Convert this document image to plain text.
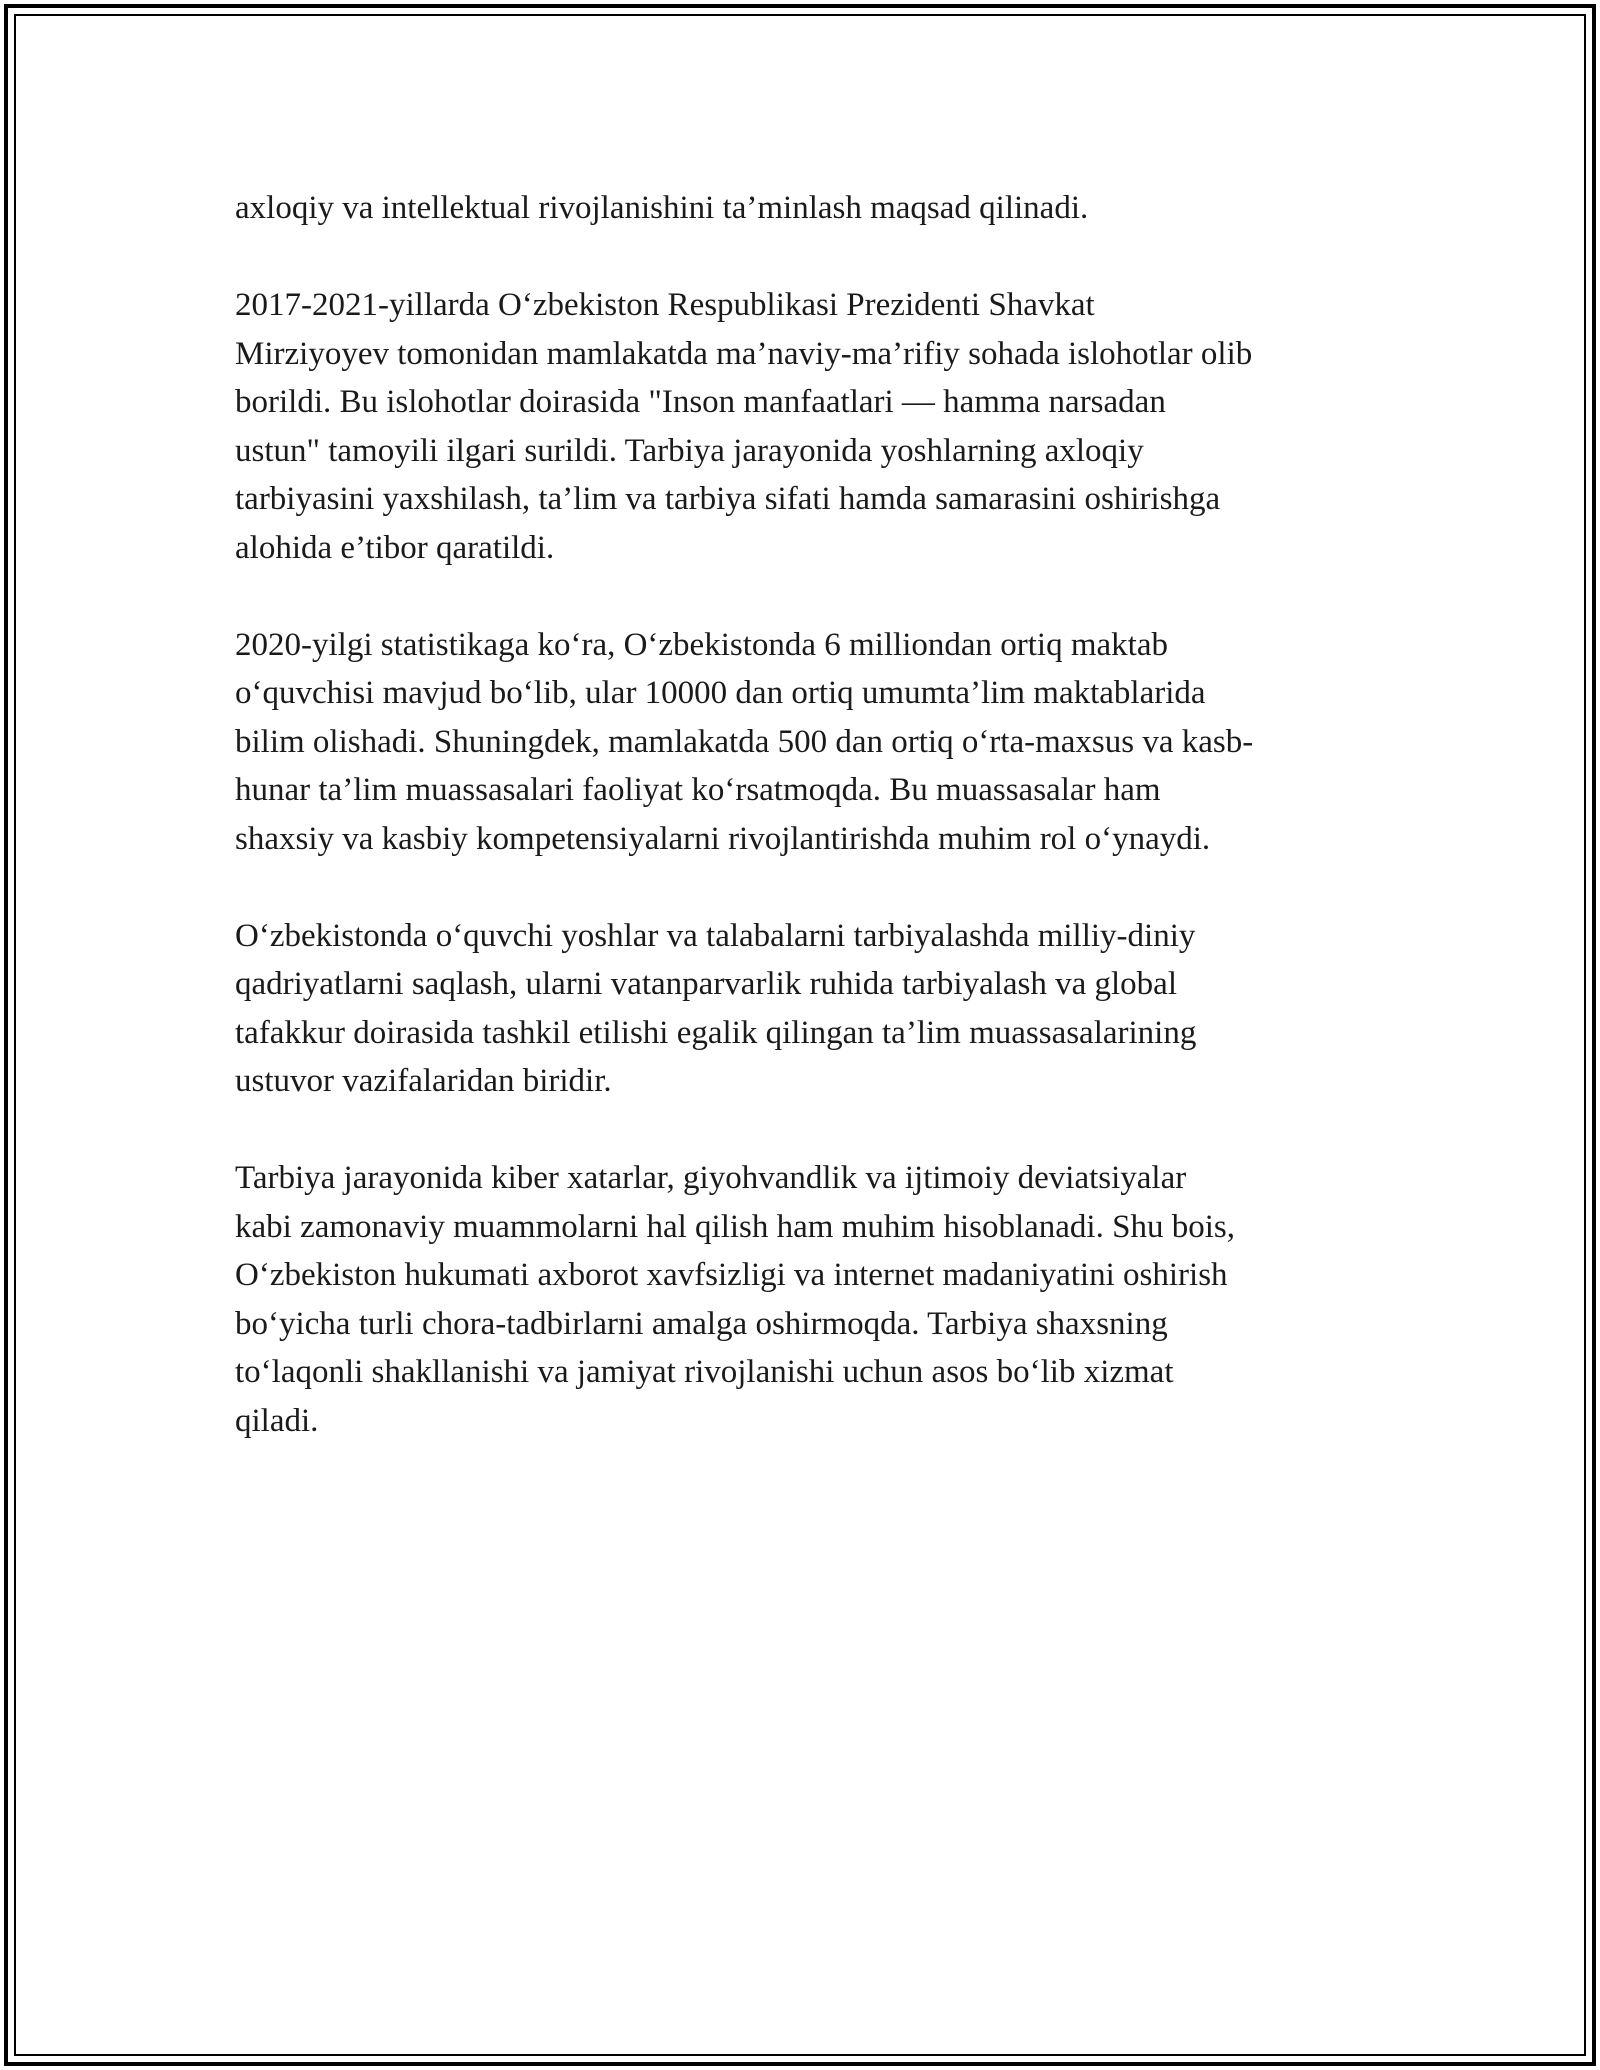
axloqiy va intellektual rivojlanishini ta’minlash maqsad qilinadi.

2017-2021-yillarda O‘zbekiston Respublikasi Prezidenti Shavkat
Mirziyoyev tomonidan mamlakatda ma’naviy-ma’rifiy sohada islohotlar olib
borildi. Bu islohotlar doirasida "Inson manfaatlari — hamma narsadan
ustun" tamoyili ilgari surildi. Tarbiya jarayonida yoshlarning axloqiy
tarbiyasini yaxshilash, ta’lim va tarbiya sifati hamda samarasini oshirishga
alohida e’tibor qaratildi.

2020-yilgi statistikaga ko‘ra, O‘zbekistonda 6 milliondan ortiq maktab
o‘quvchisi mavjud bo‘lib, ular 10000 dan ortiq umumta’lim maktablarida
bilim olishadi. Shuningdek, mamlakatda 500 dan ortiq o‘rta-maxsus va kasb-
hunar ta’lim muassasalari faoliyat ko‘rsatmoqda. Bu muassasalar ham
shaxsiy va kasbiy kompetensiyalarni rivojlantirishda muhim rol o‘ynaydi.

O‘zbekistonda o‘quvchi yoshlar va talabalarni tarbiyalashda milliy-diniy
qadriyatlarni saqlash, ularni vatanparvarlik ruhida tarbiyalash va global
tafakkur doirasida tashkil etilishi egalik qilingan ta’lim muassasalarining
ustuvor vazifalaridan biridir.

Tarbiya jarayonida kiber xatarlar, giyohvandlik va ijtimoiy deviatsiyalar
kabi zamonaviy muammolarni hal qilish ham muhim hisoblanadi. Shu bois,
O‘zbekiston hukumati axborot xavfsizligi va internet madaniyatini oshirish
bo‘yicha turli chora-tadbirlarni amalga oshirmoqda. Tarbiya shaxsning
to‘laqonli shakllanishi va jamiyat rivojlanishi uchun asos bo‘lib xizmat
qiladi.
